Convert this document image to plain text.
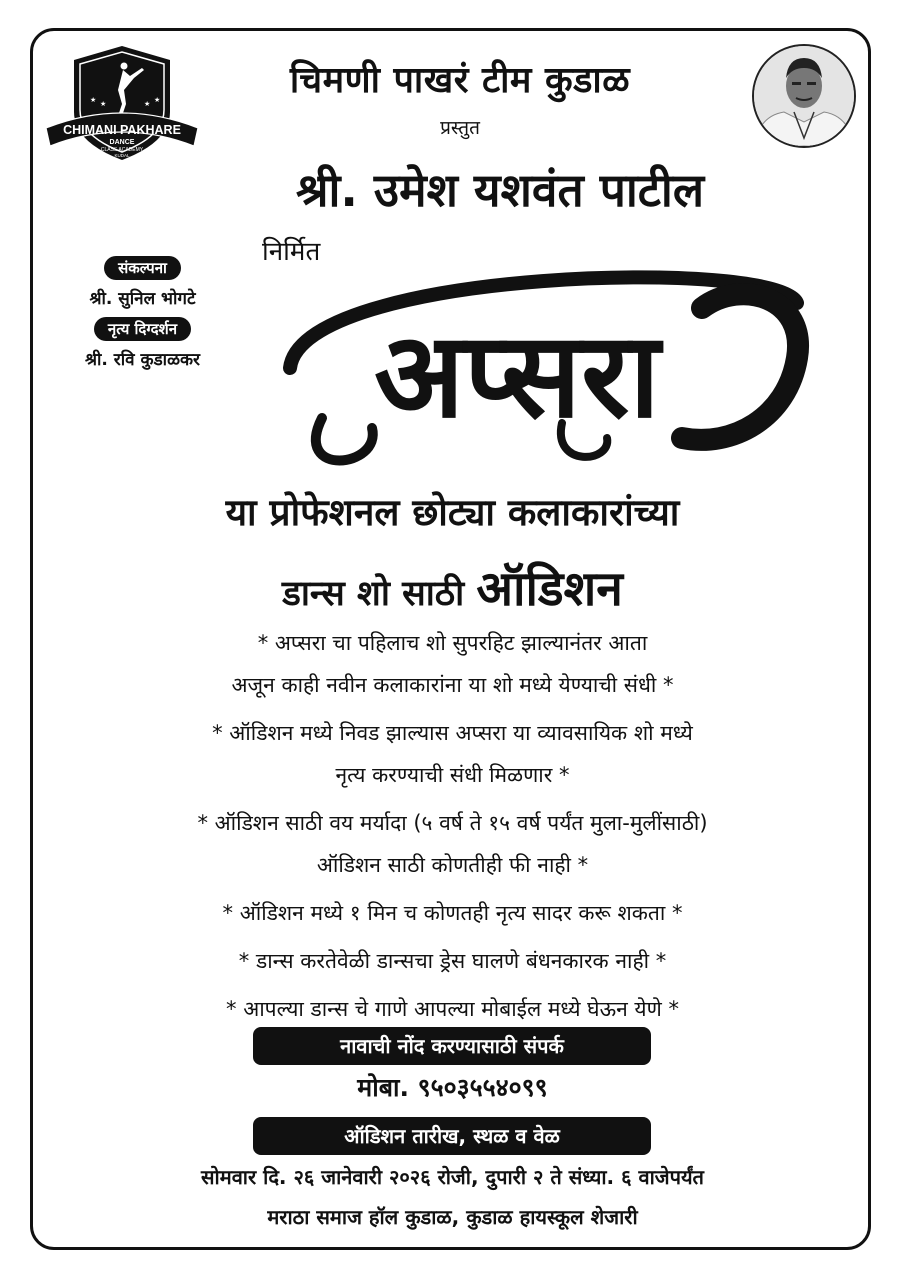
★ ★	★ ★
CHIMANI PAKHARE
DANCE
CLASS ACADEMY
KUDAL
चिमणी पाखरं टीम कुडाळ
प्रस्तुत
श्री. उमेश यशवंत पाटील
निर्मित
संकल्पना
श्री. सुनिल भोगटे
नृत्य दिग्दर्शन
श्री. रवि कुडाळकर अप्सरा
या प्रोफेशनल छोट्या कलाकारांच्या
डान्स शो साठी ऑडिशन
* अप्सरा चा पहिलाच शो सुपरहिट झाल्यानंतर आता
अजून काही नवीन कलाकारांना या शो मध्ये येण्याची संधी *
* ऑडिशन मध्ये निवड झाल्यास अप्सरा या व्यावसायिक शो मध्ये
नृत्य करण्याची संधी मिळणार *
* ऑडिशन साठी वय मर्यादा (५ वर्ष ते १५ वर्ष पर्यंत मुला-मुलींसाठी)
ऑडिशन साठी कोणतीही फी नाही *
* ऑडिशन मध्ये १ मिन च कोणतही नृत्य सादर करू शकता *
* डान्स करतेवेळी डान्सचा ड्रेस घालणे बंधनकारक नाही *
* आपल्या डान्स चे गाणे आपल्या मोबाईल मध्ये घेऊन येणे *
नावाची नोंद करण्यासाठी संपर्क
मोबा. ९५०३५५४०९९
ऑडिशन तारीख, स्थळ व वेळ
सोमवार दि. २६ जानेवारी २०२६ रोजी, दुपारी २ ते संध्या. ६ वाजेपर्यंत
मराठा समाज हॉल कुडाळ, कुडाळ हायस्कूल शेजारी
